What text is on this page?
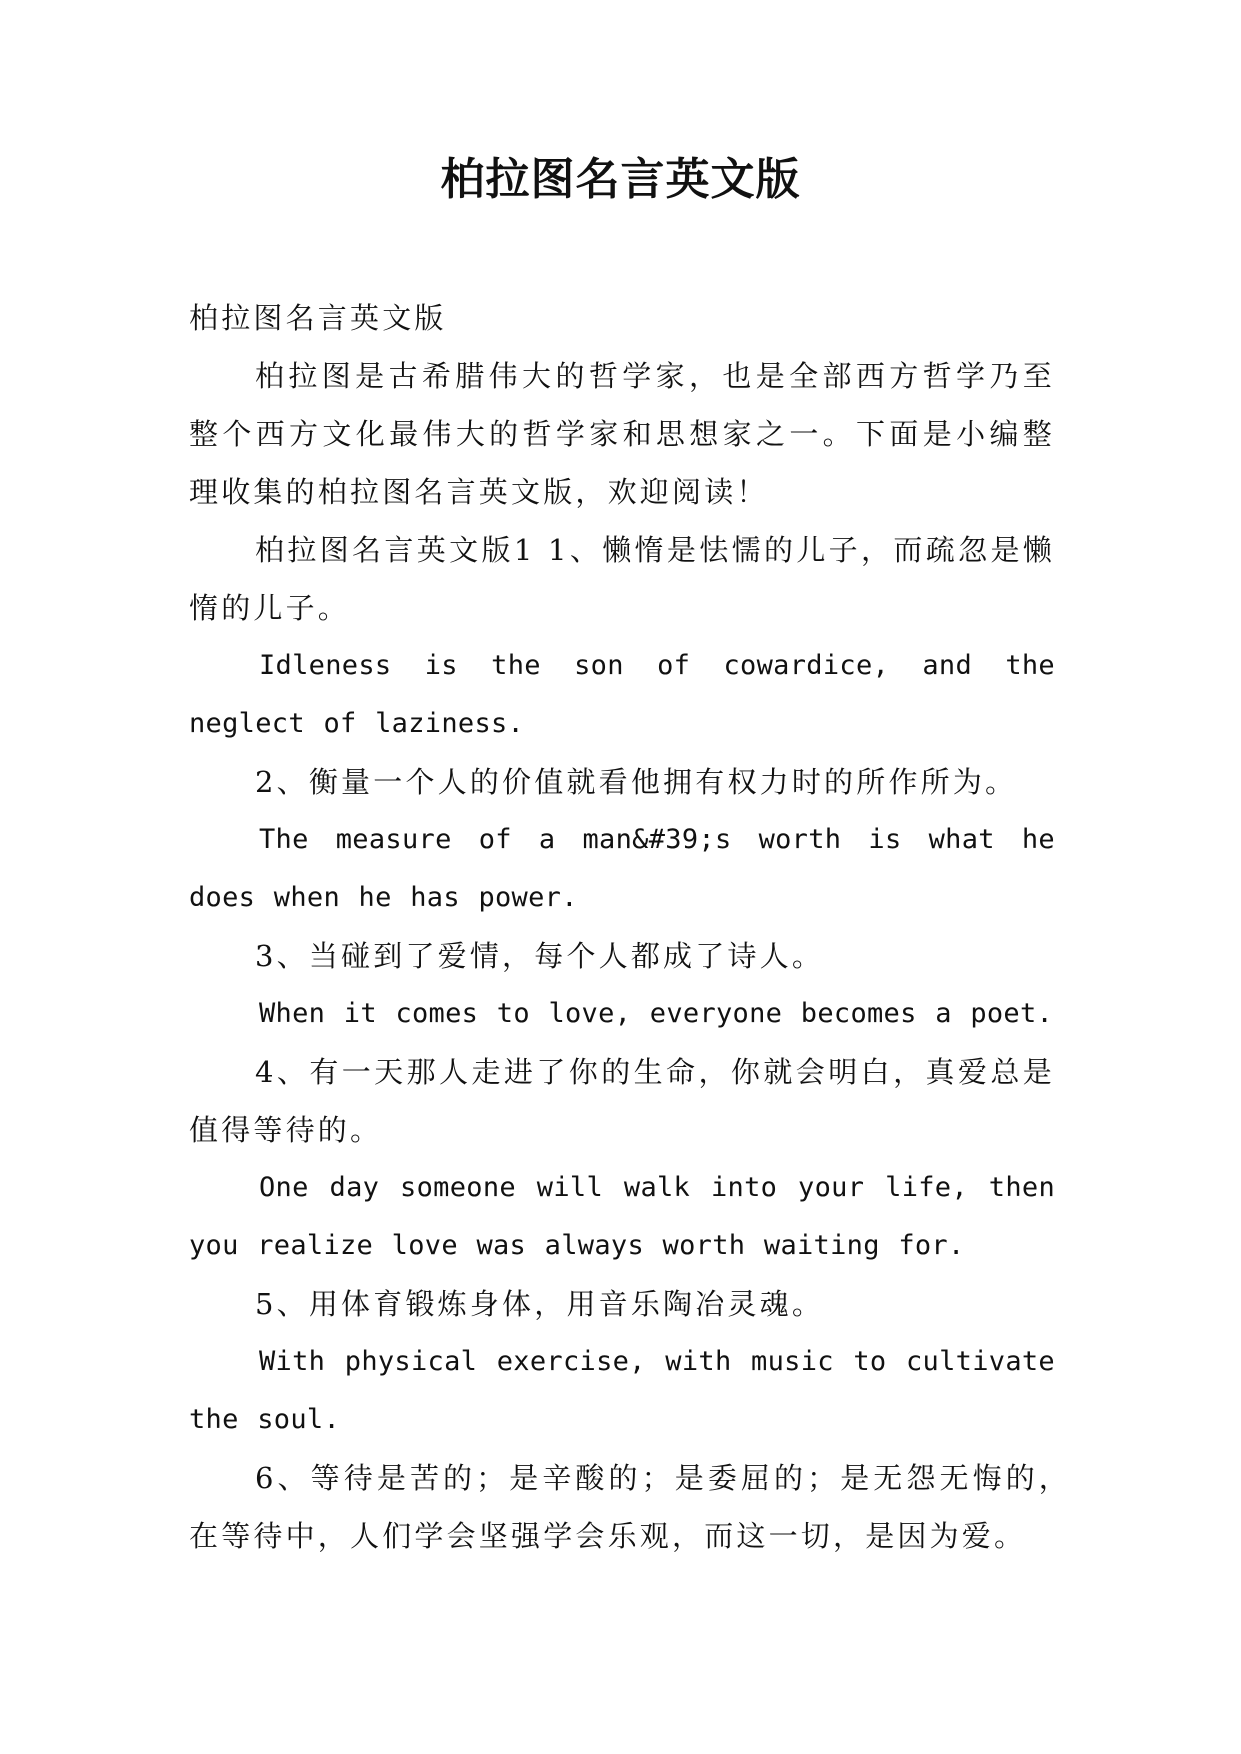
柏拉图名言英文版

柏拉图名言英文版

柏拉图是古希腊伟大的哲学家，也是全部西方哲学乃至整个西方文化最伟大的哲学家和思想家之一。下面是小编整理收集的柏拉图名言英文版，欢迎阅读！

柏拉图名言英文版1 1、懒惰是怯懦的儿子，而疏忽是懒惰的儿子。

Idleness is the son of cowardice, and the neglect of laziness.

2、衡量一个人的价值就看他拥有权力时的所作所为。

The measure of a man&#39;s worth is what he does when he has power.

3、当碰到了爱情，每个人都成了诗人。

When it comes to love, everyone becomes a poet.

4、有一天那人走进了你的生命，你就会明白，真爱总是值得等待的。

One day someone will walk into your life, then you realize love was always worth waiting for.

5、用体育锻炼身体，用音乐陶冶灵魂。

With physical exercise, with music to cultivate the soul.

6、等待是苦的；是辛酸的；是委屈的；是无怨无悔的，在等待中，人们学会坚强学会乐观，而这一切，是因为爱。
